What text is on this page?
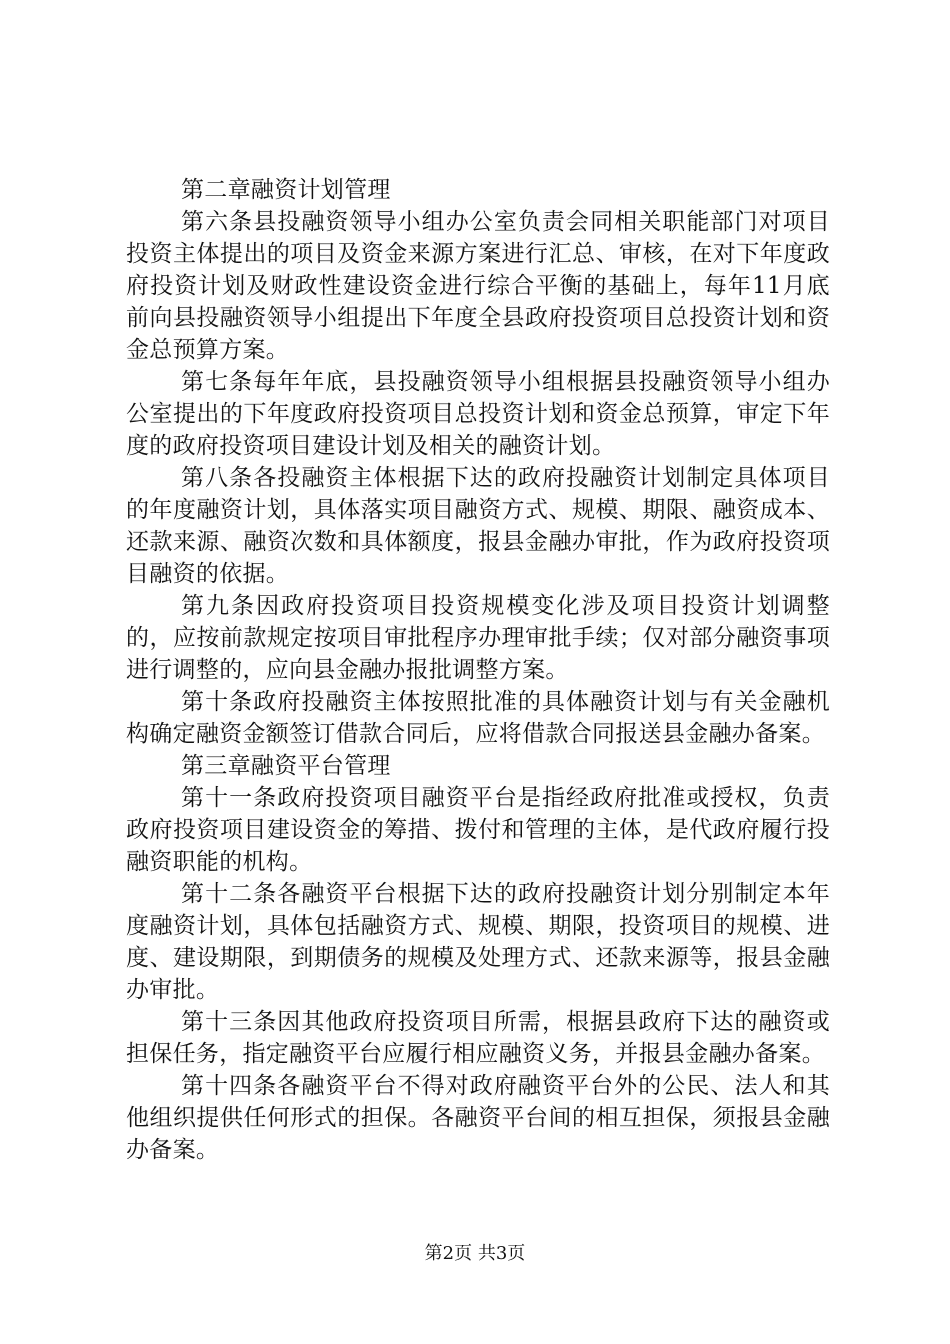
第二章融资计划管理

第六条县投融资领导小组办公室负责会同相关职能部门对项目投资主体提出的项目及资金来源方案进行汇总、审核，在对下年度政府投资计划及财政性建设资金进行综合平衡的基础上，每年11月底前向县投融资领导小组提出下年度全县政府投资项目总投资计划和资金总预算方案。

第七条每年年底，县投融资领导小组根据县投融资领导小组办公室提出的下年度政府投资项目总投资计划和资金总预算，审定下年度的政府投资项目建设计划及相关的融资计划。

第八条各投融资主体根据下达的政府投融资计划制定具体项目的年度融资计划，具体落实项目融资方式、规模、期限、融资成本、还款来源、融资次数和具体额度，报县金融办审批，作为政府投资项目融资的依据。

第九条因政府投资项目投资规模变化涉及项目投资计划调整的，应按前款规定按项目审批程序办理审批手续；仅对部分融资事项进行调整的，应向县金融办报批调整方案。

第十条政府投融资主体按照批准的具体融资计划与有关金融机构确定融资金额签订借款合同后，应将借款合同报送县金融办备案。

第三章融资平台管理

第十一条政府投资项目融资平台是指经政府批准或授权，负责政府投资项目建设资金的筹措、拨付和管理的主体，是代政府履行投融资职能的机构。

第十二条各融资平台根据下达的政府投融资计划分别制定本年度融资计划，具体包括融资方式、规模、期限，投资项目的规模、进度、建设期限，到期债务的规模及处理方式、还款来源等，报县金融办审批。

第十三条因其他政府投资项目所需，根据县政府下达的融资或担保任务，指定融资平台应履行相应融资义务，并报县金融办备案。

第十四条各融资平台不得对政府融资平台外的公民、法人和其他组织提供任何形式的担保。各融资平台间的相互担保，须报县金融办备案。

第2页 共3页
